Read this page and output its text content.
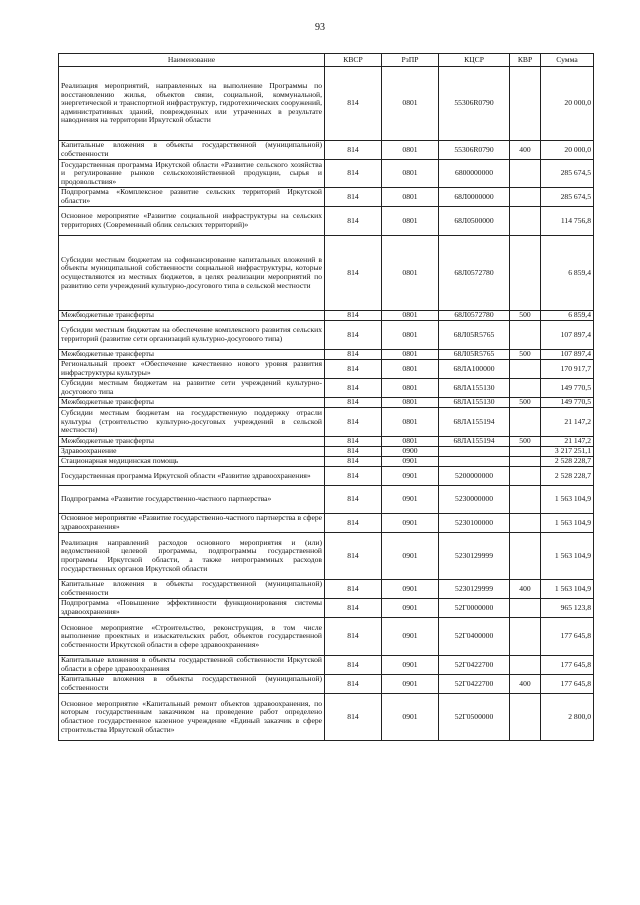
93
Наименование	КВСР	РзПР	КЦСР	КВР	Сумма
Реализация мероприятий, направленных на выполнение Программы по восстановлению жилья, объектов связи, социальной, коммунальной, энергетической и транспортной инфраструктур, гидротехнических сооружений, административных зданий, поврежденных или утраченных в результате наводнения на территории Иркутской области	814	0801	55306R0790		20 000,0
Капитальные вложения в объекты государственной (муниципальной) собственности	814	0801	55306R0790	400	20 000,0
Государственная программа Иркутской области «Развитие сельского хозяйства и регулирование рынков сельскохозяйственной продукции, сырья и продовольствия»	814	0801	6800000000		285 674,5
Подпрограмма «Комплексное развитие сельских территорий Иркутской области»	814	0801	68Л0000000		285 674,5
Основное мероприятие «Развитие социальной инфраструктуры на сельских территориях (Современный облик сельских территорий)»	814	0801	68Л0500000		114 756,8
Субсидии местным бюджетам на софинансирование капитальных вложений в объекты муниципальной собственности социальной инфраструктуры, которые осуществляются из местных бюджетов, в целях реализации мероприятий по развитию сети учреждений культурно-досугового типа в сельской местности	814	0801	68Л0572780		6 859,4
Межбюджетные трансферты	814	0801	68Л0572780	500	6 859,4
Субсидии местным бюджетам на обеспечение комплексного развития сельских территорий (развитие сети организаций культурно-досугового типа)	814	0801	68Л05R5765		107 897,4
Межбюджетные трансферты	814	0801	68Л05R5765	500	107 897,4
Региональный проект «Обеспечение качественно нового уровня развития инфраструктуры культуры»	814	0801	68ЛA100000		170 917,7
Субсидии местным бюджетам на развитие сети учреждений культурно-досугового типа	814	0801	68ЛA155130		149 770,5
Межбюджетные трансферты	814	0801	68ЛA155130	500	149 770,5
Субсидии местным бюджетам на государственную поддержку отрасли культуры (строительство культурно-досуговых учреждений в сельской местности)	814	0801	68ЛA155194		21 147,2
Межбюджетные трансферты	814	0801	68ЛA155194	500	21 147,2
Здравоохранение	814	0900			3 217 251,1
Стационарная медицинская помощь	814	0901			2 528 228,7
Государственная программа Иркутской области «Развитие здравоохранения»	814	0901	5200000000		2 528 228,7
Подпрограмма «Развитие государственно-частного партнерства»	814	0901	5230000000		1 563 104,9
Основное мероприятие «Развитие государственно-частного партнерства в сфере здравоохранения»	814	0901	5230100000		1 563 104,9
Реализация направлений расходов основного мероприятия и (или) ведомственной целевой программы, подпрограммы государственной программы Иркутской области, а также непрограммных расходов государственных органов Иркутской области	814	0901	5230129999		1 563 104,9
Капитальные вложения в объекты государственной (муниципальной) собственности	814	0901	5230129999	400	1 563 104,9
Подпрограмма «Повышение эффективности функционирования системы здравоохранения»	814	0901	52Г0000000		965 123,8
Основное мероприятие «Строительство, реконструкция, в том числе выполнение проектных и изыскательских работ, объектов государственной собственности Иркутской области в сфере здравоохранения»	814	0901	52Г0400000		177 645,8
Капитальные вложения в объекты государственной собственности Иркутской области в сфере здравоохранения	814	0901	52Г0422700		177 645,8
Капитальные вложения в объекты государственной (муниципальной) собственности	814	0901	52Г0422700	400	177 645,8
Основное мероприятие «Капитальный ремонт объектов здравоохранения, по которым государственным заказчиком на проведение работ определено областное государственное казенное учреждение «Единый заказчик в сфере строительства Иркутской области»	814	0901	52Г0500000		2 800,0
